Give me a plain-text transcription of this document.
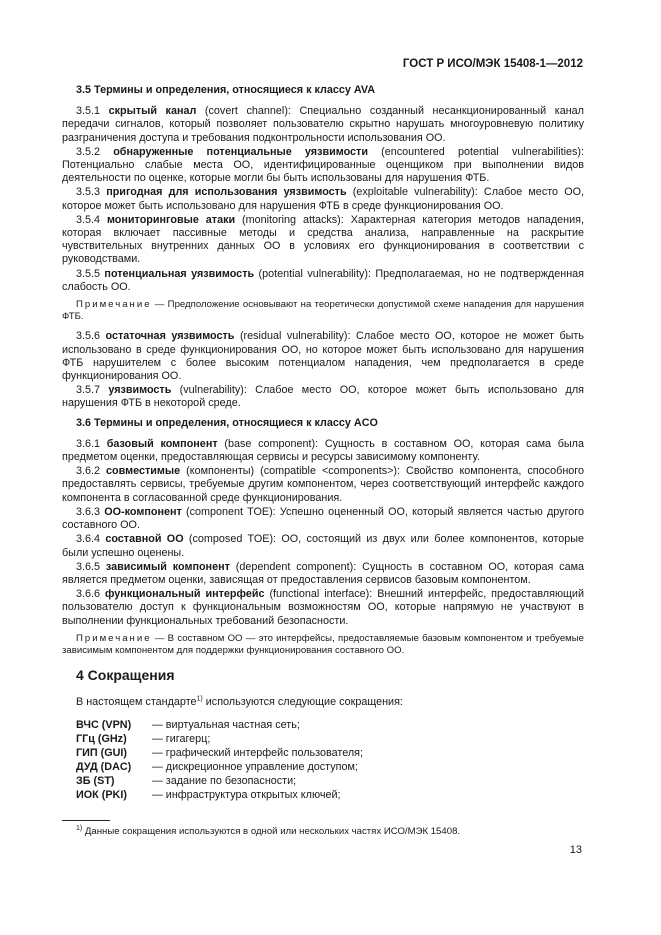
ГОСТ Р ИСО/МЭК 15408-1—2012
3.5 Термины и определения, относящиеся к классу AVA

3.5.1 скрытый канал (covert channel): Специально созданный несанкционированный канал передачи сигналов, который позволяет пользователю скрытно нарушать многоуровневую политику разграничения доступа и требования подконтрольности использования ОО.

3.5.2 обнаруженные потенциальные уязвимости (encountered potential vulnerabilities): Потенциально слабые места ОО, идентифицированные оценщиком при выполнении видов деятельности по оценке, которые могли бы быть использованы для нарушения ФТБ.

3.5.3 пригодная для использования уязвимость (exploitable vulnerability): Слабое место ОО, которое может быть использовано для нарушения ФТБ в среде функционирования ОО.

3.5.4 мониторинговые атаки (monitoring attacks): Характерная категория методов нападения, которая включает пассивные методы и средства анализа, направленные на раскрытие чувствительных внутренних данных ОО в условиях его функционирования в соответствии с руководствами.

3.5.5 потенциальная уязвимость (potential vulnerability): Предполагаемая, но не подтвержденная слабость ОО.

Примечание — Предположение основывают на теоретически допустимой схеме нападения для нарушения ФТБ.

3.5.6 остаточная уязвимость (residual vulnerability): Слабое место ОО, которое не может быть использовано в среде функционирования ОО, но которое может быть использовано для нарушения ФТБ нарушителем с более высоким потенциалом нападения, чем предполагается в среде функционирования ОО.

3.5.7 уязвимость (vulnerability): Слабое место ОО, которое может быть использовано для нарушения ФТБ в некоторой среде.

3.6 Термины и определения, относящиеся к классу ACO

3.6.1 базовый компонент (base component): Сущность в составном ОО, которая сама была предметом оценки, предоставляющая сервисы и ресурсы зависимому компоненту.

3.6.2 совместимые (компоненты) (compatible <components>): Свойство компонента, способного предоставлять сервисы, требуемые другим компонентом, через соответствующий интерфейс каждого компонента в согласованной среде функционирования.

3.6.3 ОО-компонент (component TOE): Успешно оцененный ОО, который является частью другого составного ОО.

3.6.4 составной ОО (composed TOE): ОО, состоящий из двух или более компонентов, которые были успешно оценены.

3.6.5 зависимый компонент (dependent component): Сущность в составном ОО, которая сама является предметом оценки, зависящая от предоставления сервисов базовым компонентом.

3.6.6 функциональный интерфейс (functional interface): Внешний интерфейс, предоставляющий пользователю доступ к функциональным возможностям ОО, которые напрямую не участвуют в выполнении функциональных требований безопасности.

Примечание — В составном ОО — это интерфейсы, предоставляемые базовым компонентом и требуемые зависимым компонентом для поддержки функционирования составного ОО.

4 Сокращения

В настоящем стандарте$^{1)}$ используются следующие сокращения:

ВЧС (VPN)	— виртуальная частная сеть;
ГГц (GHz)	— гигагерц;
ГИП (GUI)	— графический интерфейс пользователя;
ДУД (DAC)	— дискреционное управление доступом;
ЗБ (ST)	— задание по безопасности;
ИОК (PKI)	— инфраструктура открытых ключей;
$^{1)}$ Данные сокращения используются в одной или нескольких частях ИСО/МЭК 15408.
13
